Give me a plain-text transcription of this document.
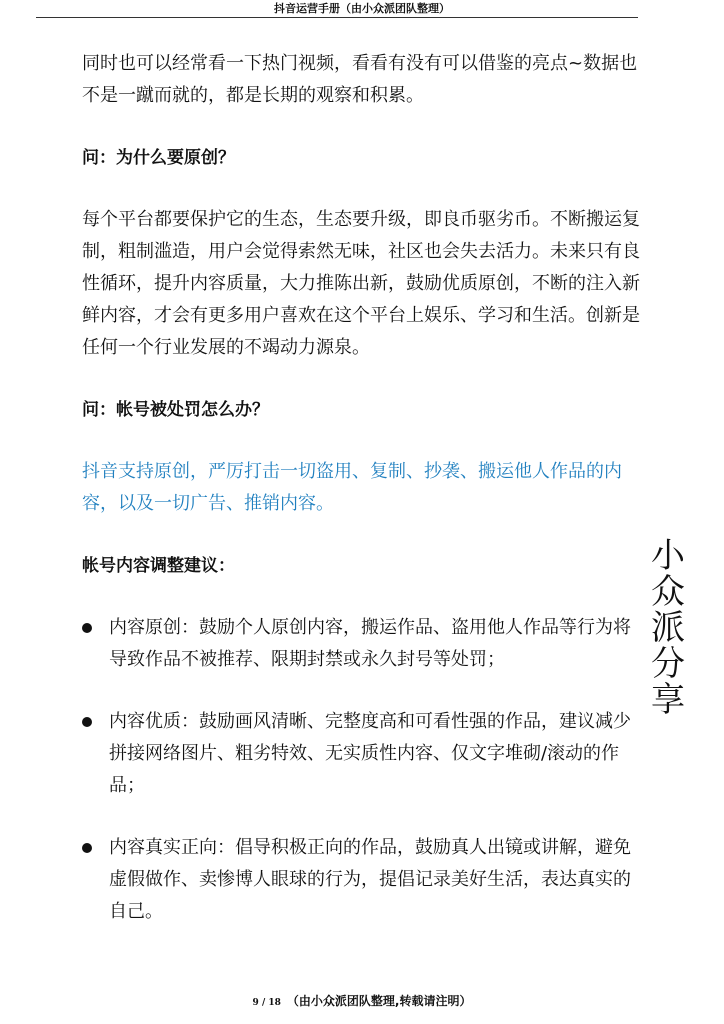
抖音运营手册（由小众派团队整理）

同时也可以经常看一下热门视频，看看有没有可以借鉴的亮点~数据也不是一蹴而就的，都是长期的观察和积累。

问：为什么要原创？

每个平台都要保护它的生态，生态要升级，即良币驱劣币。不断搬运复制，粗制滥造，用户会觉得索然无味，社区也会失去活力。未来只有良性循环，提升内容质量，大力推陈出新，鼓励优质原创，不断的注入新鲜内容，才会有更多用户喜欢在这个平台上娱乐、学习和生活。创新是任何一个行业发展的不竭动力源泉。

问：帐号被处罚怎么办？

抖音支持原创，严厉打击一切盗用、复制、抄袭、搬运他人作品的内容，以及一切广告、推销内容。

帐号内容调整建议：

内容原创：鼓励个人原创内容，搬运作品、盗用他人作品等行为将导致作品不被推荐、限期封禁或永久封号等处罚；
内容优质：鼓励画风清晰、完整度高和可看性强的作品，建议减少拼接网络图片、粗劣特效、无实质性内容、仅文字堆砌/滚动的作品；
内容真实正向：倡导积极正向的作品，鼓励真人出镜或讲解，避免虚假做作、卖惨博人眼球的行为，提倡记录美好生活，表达真实的自己。
小
众
派
分
享
9 / 18 （由小众派团队整理,转载请注明）
